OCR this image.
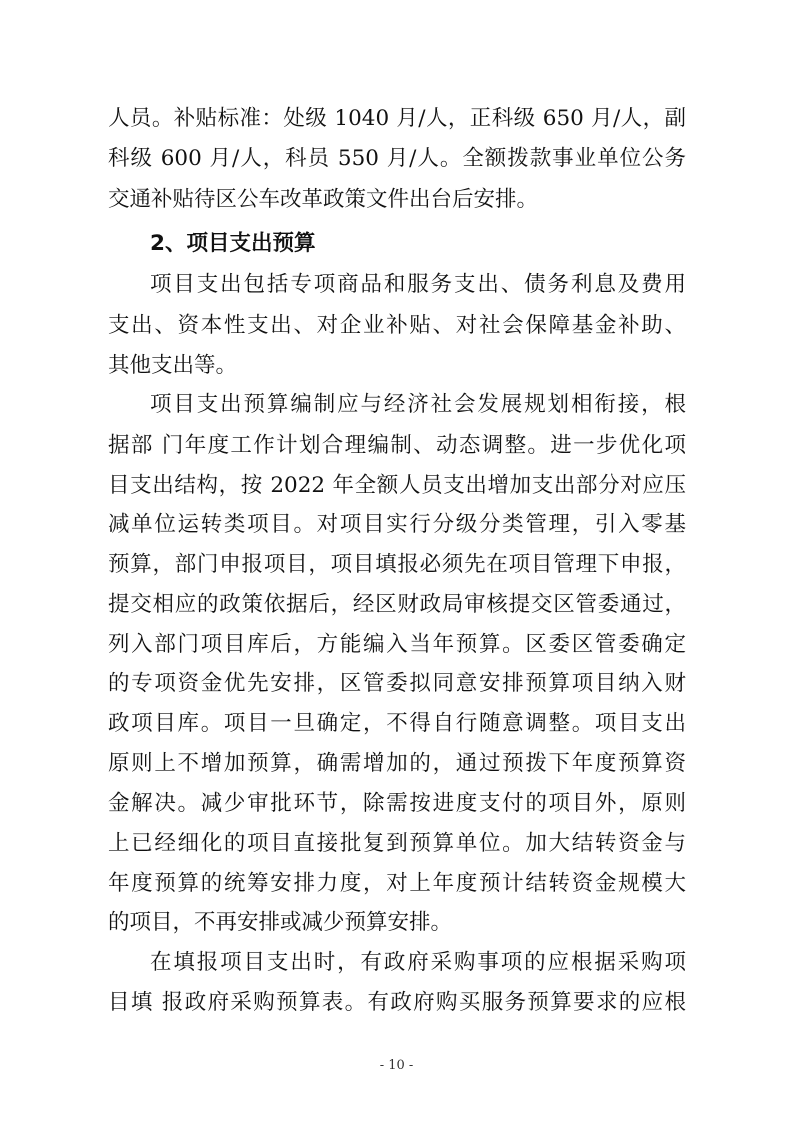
人员。补贴标准：处级 1040 月/人，正科级 650 月/人，副
科级 600 月/人，科员 550 月/人。全额拨款事业单位公务
交通补贴待区公车改革政策文件出台后安排。
2、项目支出预算
项目支出包括专项商品和服务支出、债务利息及费用
支出、资本性支出、对企业补贴、对社会保障基金补助、
其他支出等。
项目支出预算编制应与经济社会发展规划相衔接，根
据部 门年度工作计划合理编制、动态调整。进一步优化项
目支出结构，按 2022 年全额人员支出增加支出部分对应压
减单位运转类项目。对项目实行分级分类管理，引入零基
预算，部门申报项目，项目填报必须先在项目管理下申报，
提交相应的政策依据后，经区财政局审核提交区管委通过，
列入部门项目库后，方能编入当年预算。区委区管委确定
的专项资金优先安排，区管委拟同意安排预算项目纳入财
政项目库。项目一旦确定，不得自行随意调整。项目支出
原则上不增加预算，确需增加的，通过预拨下年度预算资
金解决。减少审批环节，除需按进度支付的项目外，原则
上已经细化的项目直接批复到预算单位。加大结转资金与
年度预算的统筹安排力度，对上年度预计结转资金规模大
的项目，不再安排或减少预算安排。
在填报项目支出时，有政府采购事项的应根据采购项
目填 报政府采购预算表。有政府购买服务预算要求的应根
- 10 -
